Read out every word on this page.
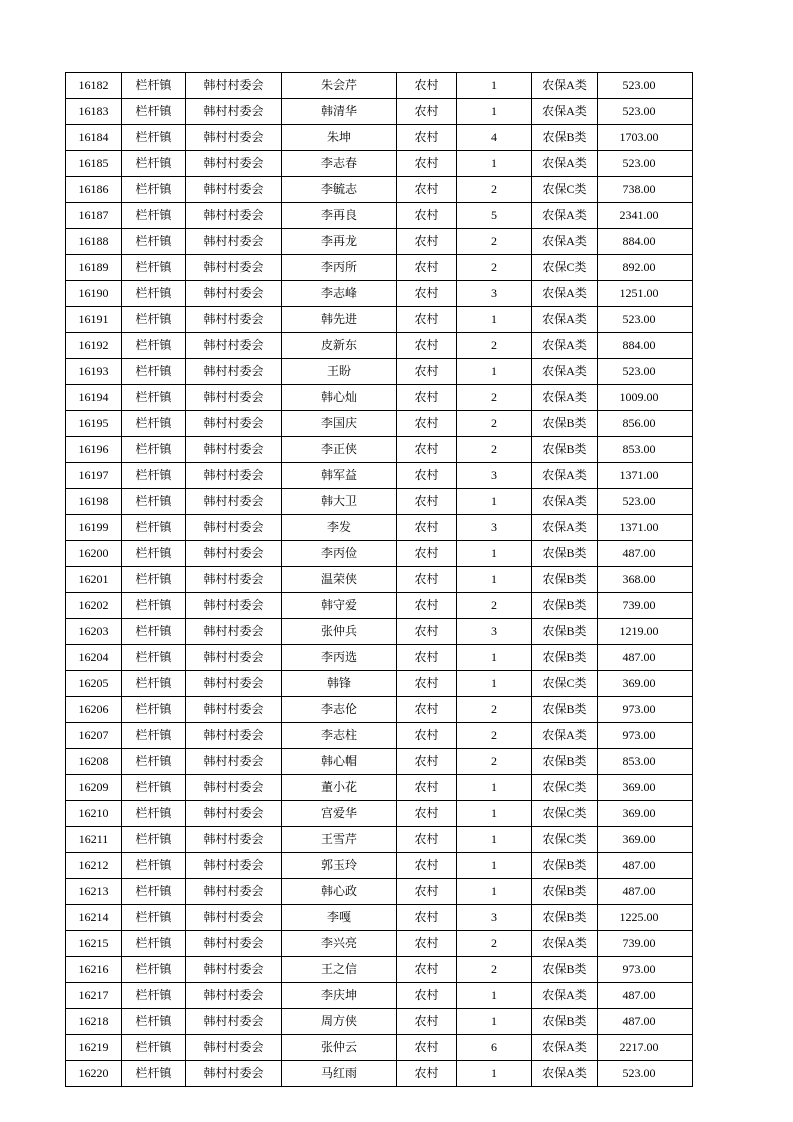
16182	栏杆镇	韩村村委会	朱会芹	农村	1	农保A类	523.00
16183	栏杆镇	韩村村委会	韩清华	农村	1	农保A类	523.00
16184	栏杆镇	韩村村委会	朱坤	农村	4	农保B类	1703.00
16185	栏杆镇	韩村村委会	李志春	农村	1	农保A类	523.00
16186	栏杆镇	韩村村委会	李毓志	农村	2	农保C类	738.00
16187	栏杆镇	韩村村委会	李再良	农村	5	农保A类	2341.00
16188	栏杆镇	韩村村委会	李再龙	农村	2	农保A类	884.00
16189	栏杆镇	韩村村委会	李丙所	农村	2	农保C类	892.00
16190	栏杆镇	韩村村委会	李志峰	农村	3	农保A类	1251.00
16191	栏杆镇	韩村村委会	韩先进	农村	1	农保A类	523.00
16192	栏杆镇	韩村村委会	皮新东	农村	2	农保A类	884.00
16193	栏杆镇	韩村村委会	王盼	农村	1	农保A类	523.00
16194	栏杆镇	韩村村委会	韩心灿	农村	2	农保A类	1009.00
16195	栏杆镇	韩村村委会	李国庆	农村	2	农保B类	856.00
16196	栏杆镇	韩村村委会	李正侠	农村	2	农保B类	853.00
16197	栏杆镇	韩村村委会	韩军益	农村	3	农保A类	1371.00
16198	栏杆镇	韩村村委会	韩大卫	农村	1	农保A类	523.00
16199	栏杆镇	韩村村委会	李发	农村	3	农保A类	1371.00
16200	栏杆镇	韩村村委会	李丙俭	农村	1	农保B类	487.00
16201	栏杆镇	韩村村委会	温荣侠	农村	1	农保B类	368.00
16202	栏杆镇	韩村村委会	韩守爱	农村	2	农保B类	739.00
16203	栏杆镇	韩村村委会	张仲兵	农村	3	农保B类	1219.00
16204	栏杆镇	韩村村委会	李丙选	农村	1	农保B类	487.00
16205	栏杆镇	韩村村委会	韩锋	农村	1	农保C类	369.00
16206	栏杆镇	韩村村委会	李志伦	农村	2	农保B类	973.00
16207	栏杆镇	韩村村委会	李志柱	农村	2	农保A类	973.00
16208	栏杆镇	韩村村委会	韩心帽	农村	2	农保B类	853.00
16209	栏杆镇	韩村村委会	董小花	农村	1	农保C类	369.00
16210	栏杆镇	韩村村委会	宫爱华	农村	1	农保C类	369.00
16211	栏杆镇	韩村村委会	王雪芹	农村	1	农保C类	369.00
16212	栏杆镇	韩村村委会	郭玉玲	农村	1	农保B类	487.00
16213	栏杆镇	韩村村委会	韩心政	农村	1	农保B类	487.00
16214	栏杆镇	韩村村委会	李嘎	农村	3	农保B类	1225.00
16215	栏杆镇	韩村村委会	李兴亮	农村	2	农保A类	739.00
16216	栏杆镇	韩村村委会	王之信	农村	2	农保B类	973.00
16217	栏杆镇	韩村村委会	李庆坤	农村	1	农保A类	487.00
16218	栏杆镇	韩村村委会	周方侠	农村	1	农保B类	487.00
16219	栏杆镇	韩村村委会	张仲云	农村	6	农保A类	2217.00
16220	栏杆镇	韩村村委会	马红雨	农村	1	农保A类	523.00
